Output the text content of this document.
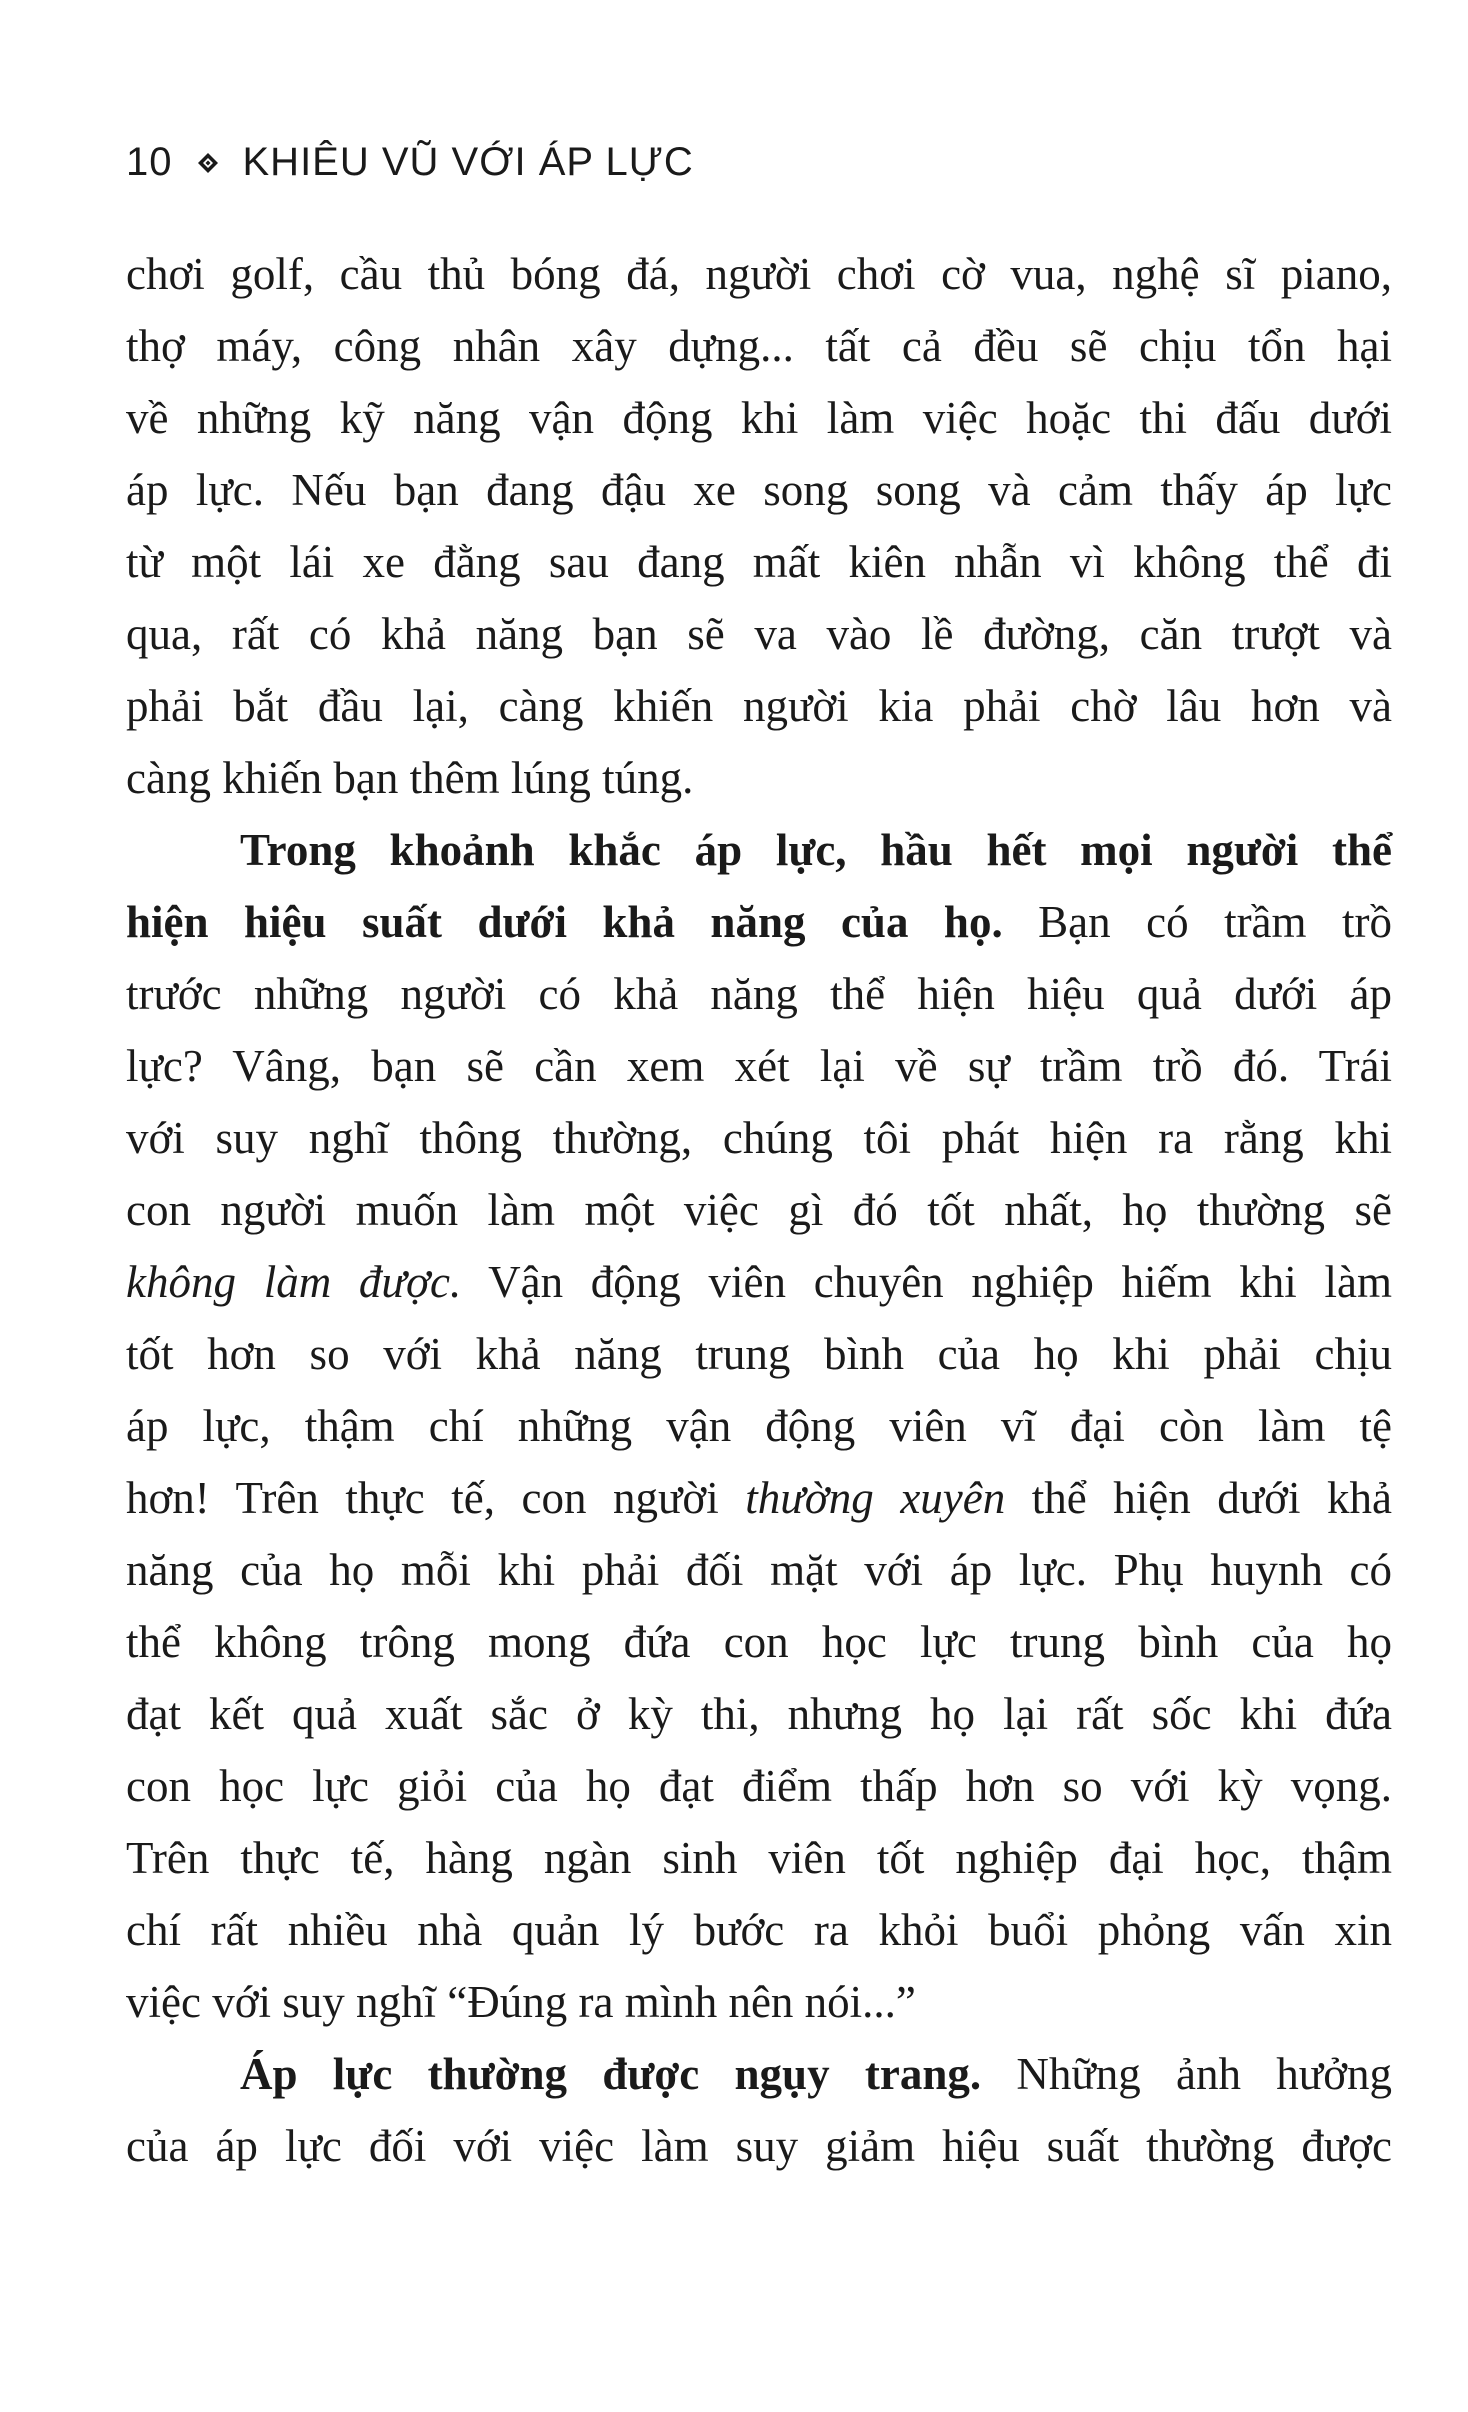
10 KHIÊU VŨ VỚI ÁP LỰC
chơi golf, cầu thủ bóng đá, người chơi cờ vua, nghệ sĩ piano,
thợ máy, công nhân xây dựng... tất cả đều sẽ chịu tổn hại
về những kỹ năng vận động khi làm việc hoặc thi đấu dưới
áp lực. Nếu bạn đang đậu xe song song và cảm thấy áp lực
từ một lái xe đằng sau đang mất kiên nhẫn vì không thể đi
qua, rất có khả năng bạn sẽ va vào lề đường, căn trượt và
phải bắt đầu lại, càng khiến người kia phải chờ lâu hơn và
càng khiến bạn thêm lúng túng.
Trong khoảnh khắc áp lực, hầu hết mọi người thể
hiện hiệu suất dưới khả năng của họ. Bạn có trầm trồ
trước những người có khả năng thể hiện hiệu quả dưới áp
lực? Vâng, bạn sẽ cần xem xét lại về sự trầm trồ đó. Trái
với suy nghĩ thông thường, chúng tôi phát hiện ra rằng khi
con người muốn làm một việc gì đó tốt nhất, họ thường sẽ
không làm được. Vận động viên chuyên nghiệp hiếm khi làm
tốt hơn so với khả năng trung bình của họ khi phải chịu
áp lực, thậm chí những vận động viên vĩ đại còn làm tệ
hơn! Trên thực tế, con người thường xuyên thể hiện dưới khả
năng của họ mỗi khi phải đối mặt với áp lực. Phụ huynh có
thể không trông mong đứa con học lực trung bình của họ
đạt kết quả xuất sắc ở kỳ thi, nhưng họ lại rất sốc khi đứa
con học lực giỏi của họ đạt điểm thấp hơn so với kỳ vọng.
Trên thực tế, hàng ngàn sinh viên tốt nghiệp đại học, thậm
chí rất nhiều nhà quản lý bước ra khỏi buổi phỏng vấn xin
việc với suy nghĩ “Đúng ra mình nên nói...”
Áp lực thường được ngụy trang. Những ảnh hưởng
của áp lực đối với việc làm suy giảm hiệu suất thường được
